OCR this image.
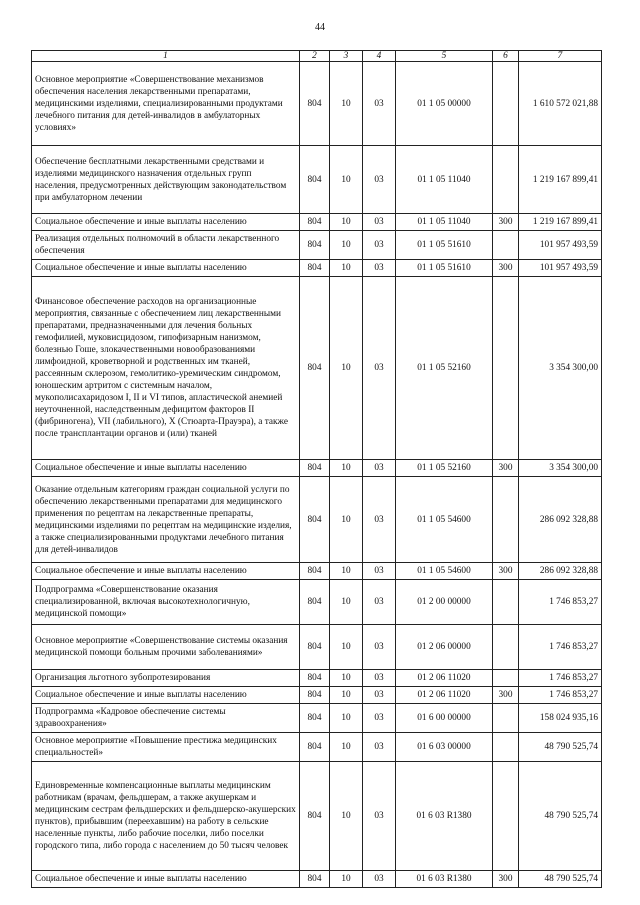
44
1	2	3	4	5	6	7
Основное мероприятие «Совершенствование механизмов обеспечения населения лекарственными препаратами, медицинскими изделиями, специализированными продуктами лечебного питания для детей-инвалидов в амбулаторных условиях»	804	10	03	01 1 05 00000		1 610 572 021,88
Обеспечение бесплатными лекарственными средствами и изделиями медицинского назначения отдельных групп населения, предусмотренных действующим законодательством при амбулаторном лечении	804	10	03	01 1 05 11040		1 219 167 899,41
Социальное обеспечение и иные выплаты населению	804	10	03	01 1 05 11040	300	1 219 167 899,41
Реализация отдельных полномочий в области лекарственного обеспечения	804	10	03	01 1 05 51610		101 957 493,59
Социальное обеспечение и иные выплаты населению	804	10	03	01 1 05 51610	300	101 957 493,59
Финансовое обеспечение расходов на организационные мероприятия, связанные с обеспечением лиц лекарственными препаратами, предназначенными для лечения больных гемофилией, муковисцидозом, гипофизарным нанизмом, болезнью Гоше, злокачественными новообразованиями лимфоидной, кроветворной и родственных им тканей, рассеянным склерозом, гемолитико-уремическим синдромом, юношеским артритом с системным началом, мукополисахаридозом I, II и VI типов, апластической анемией неуточненной, наследственным дефицитом факторов II (фибриногена), VII (лабильного), X (Стюарта-Прауэра), а также после трансплантации органов и (или) тканей	804	10	03	01 1 05 52160		3 354 300,00
Социальное обеспечение и иные выплаты населению	804	10	03	01 1 05 52160	300	3 354 300,00
Оказание отдельным категориям граждан социальной услуги по обеспечению лекарственными препаратами для медицинского применения по рецептам на лекарственные препараты, медицинскими изделиями по рецептам на медицинские изделия, а также специализированными продуктами лечебного питания для детей-инвалидов	804	10	03	01 1 05 54600		286 092 328,88
Социальное обеспечение и иные выплаты населению	804	10	03	01 1 05 54600	300	286 092 328,88
Подпрограмма «Совершенствование оказания специализированной, включая высокотехнологичную, медицинской помощи»	804	10	03	01 2 00 00000		1 746 853,27
Основное мероприятие «Совершенствование системы оказания медицинской помощи больным прочими заболеваниями»	804	10	03	01 2 06 00000		1 746 853,27
Организация льготного зубопротезирования	804	10	03	01 2 06 11020		1 746 853,27
Социальное обеспечение и иные выплаты населению	804	10	03	01 2 06 11020	300	1 746 853,27
Подпрограмма «Кадровое обеспечение системы здравоохранения»	804	10	03	01 6 00 00000		158 024 935,16
Основное мероприятие «Повышение престижа медицинских специальностей»	804	10	03	01 6 03 00000		48 790 525,74
Единовременные компенсационные выплаты медицинским работникам (врачам, фельдшерам, а также акушеркам и медицинским сестрам фельдшерских и фельдшерско-акушерских пунктов), прибывшим (переехавшим) на работу в сельские населенные пункты, либо рабочие поселки, либо поселки городского типа, либо города с населением до 50 тысяч человек	804	10	03	01 6 03 R1380		48 790 525,74
Социальное обеспечение и иные выплаты населению	804	10	03	01 6 03 R1380	300	48 790 525,74
